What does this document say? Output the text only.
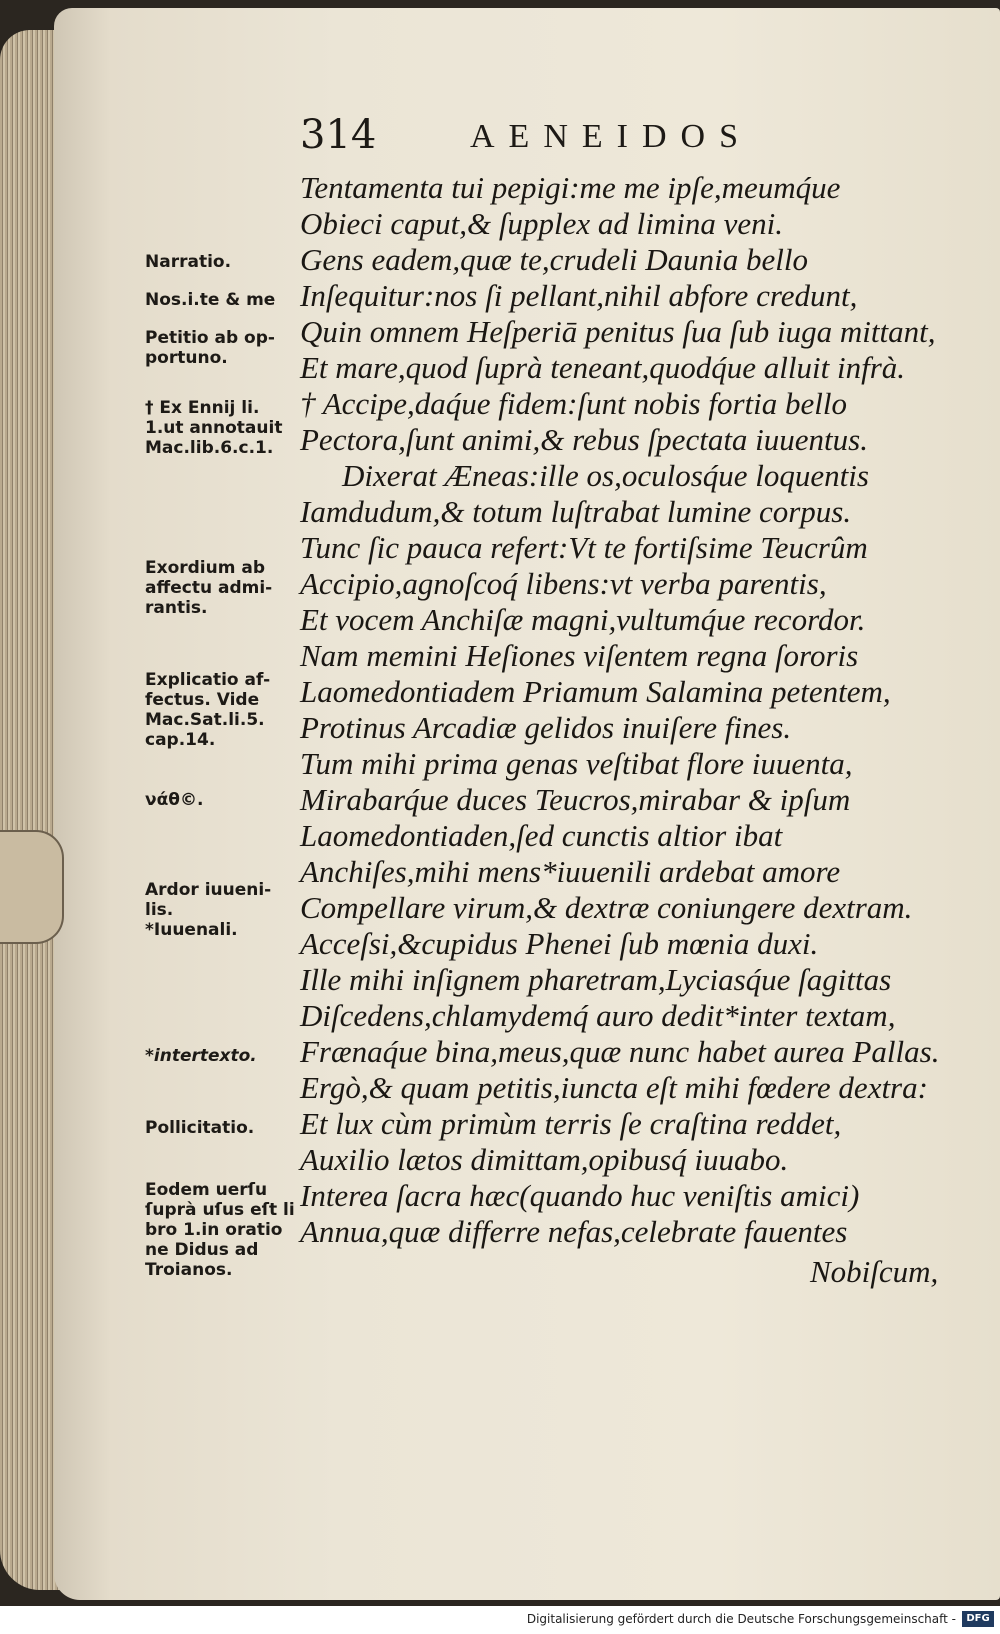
314	AENEIDOS
Tentamenta tui pepigi:me me ipſe,meumq́ue
Obieci caput,& ſupplex ad limina veni.
Gens eadem,quæ te,crudeli Daunia bello
Inſequitur:nos ſi pellant,nihil abfore credunt,
Quin omnem Heſperiā penitus ſua ſub iuga mittant,
Et mare,quod ſuprà teneant,quodq́ue alluit infrà.
† Accipe,daq́ue fidem:ſunt nobis fortia bello
Pectora,ſunt animi,& rebus ſpectata iuuentus.
Dixerat Æneas:ille os,oculosq́ue loquentis
Iamdudum,& totum luſtrabat lumine corpus.
Tunc ſic pauca refert:Vt te fortiſsime Teucrûm
Accipio,agnoſcoq́ libens:vt verba parentis,
Et vocem Anchiſæ magni,vultumq́ue recordor.
Nam memini Heſiones viſentem regna ſororis
Laomedontiadem Priamum Salamina petentem,
Protinus Arcadiæ gelidos inuiſere fines.
Tum mihi prima genas veſtibat flore iuuenta,
Mirabarq́ue duces Teucros,mirabar & ipſum
Laomedontiaden,ſed cunctis altior ibat
Anchiſes,mihi mens*iuuenili ardebat amore
Compellare virum,& dextræ coniungere dextram.
Acceſsi,&cupidus Phenei ſub mœnia duxi.
Ille mihi inſignem pharetram,Lyciasq́ue ſagittas
Diſcedens,chlamydemq́ auro dedit*inter textam,
Frænaq́ue bina,meus,quæ nunc habet aurea Pallas.
Ergò,& quam petitis,iuncta eſt mihi fœdere dextra:
Et lux cùm primùm terris ſe craſtina reddet,
Auxilio lætos dimittam,opibusq́ iuuabo.
Interea ſacra hæc(quando huc veniſtis amici)
Annua,quæ differre nefas,celebrate fauentes
Nobiſcum,
Narratio.
Nos.i.te & me
Petitio ab op-
portuno.
† Ex Ennij li.
1.ut annotauit
Mac.lib.6.c.1.
Exordium ab
affectu admi-
rantis.
Explicatio af-
fectus. Vide
Mac.Sat.li.5.
cap.14.
νάθ©.
Ardor iuueni-
lis.
*Iuuenali.
*intertexto.
Pollicitatio.
Eodem uerſu
ſuprà uſus eſt li
bro 1.in oratio
ne Didus ad
Troianos.
Digitalisierung gefördert durch die Deutsche Forschungsgemeinschaft -	DFG
